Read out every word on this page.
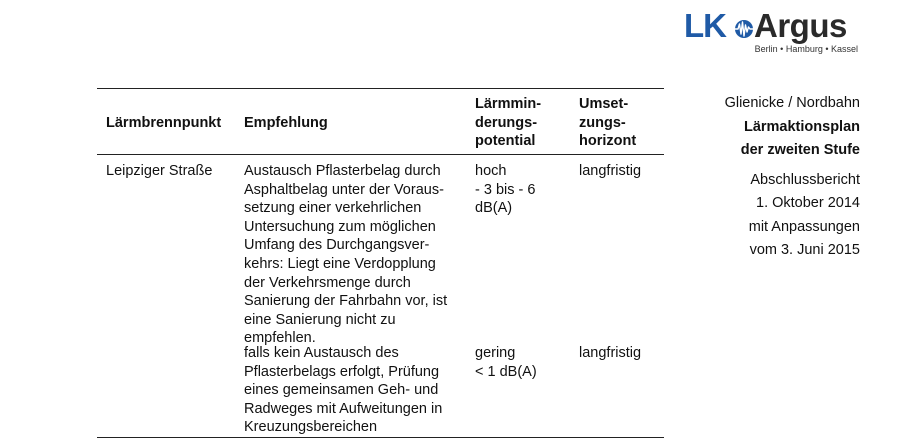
LK Argus
Berlin • Hamburg • Kassel
Lärmbrennpunkt Empfehlung
Lärmmin-
derungs-
potential
Umset-
zungs-
horizont
Leipziger Straße Austausch Pflasterbelag durch
Asphaltbelag unter der Voraus-
setzung einer verkehrlichen
Untersuchung zum möglichen
Umfang des Durchgangsver-
kehrs: Liegt eine Verdopplung
der Verkehrsmenge durch
Sanierung der Fahrbahn vor, ist
eine Sanierung nicht zu
empfehlen.
hoch
- 3 bis - 6
dB(A)
langfristig
falls kein Austausch des
Pflasterbelags erfolgt, Prüfung
eines gemeinsamen Geh- und
Radweges mit Aufweitungen in
Kreuzungsbereichen
gering
< 1 dB(A)
langfristig
Glienicke / Nordbahn
Lärmaktionsplan
der zweiten Stufe
Abschlussbericht
1. Oktober 2014
mit Anpassungen
vom 3. Juni 2015
